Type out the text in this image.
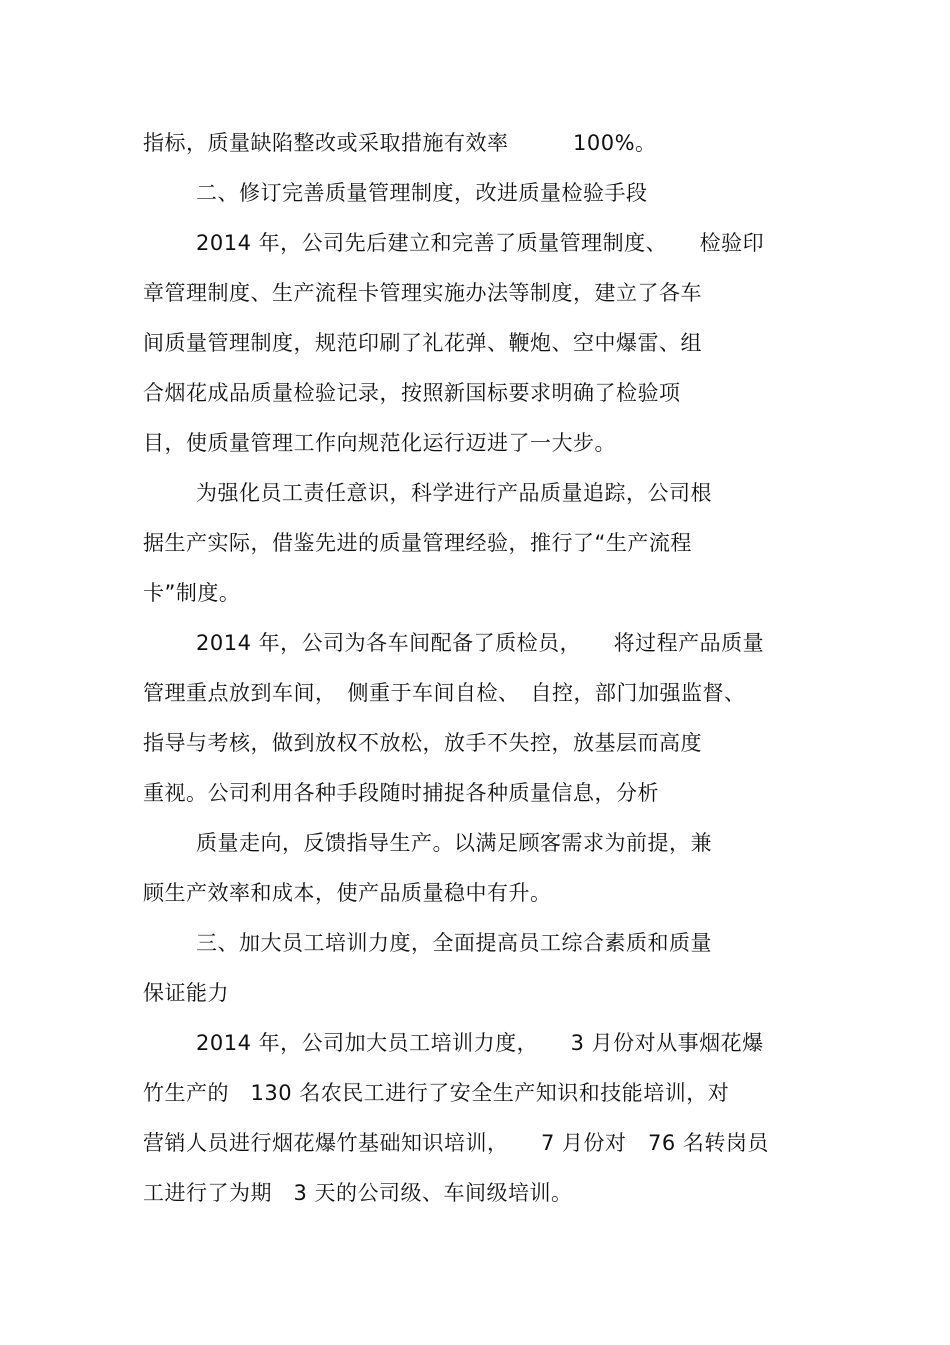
指标，质量缺陷整改或采取措施有效率　　　100%。
二、修订完善质量管理制度，改进质量检验手段
2014 年，公司先后建立和完善了质量管理制度、　　检验印
章管理制度、生产流程卡管理实施办法等制度，建立了各车
间质量管理制度，规范印刷了礼花弹、鞭炮、空中爆雷、组
合烟花成品质量检验记录，按照新国标要求明确了检验项
目，使质量管理工作向规范化运行迈进了一大步。
为强化员工责任意识，科学进行产品质量追踪，公司根
据生产实际，借鉴先进的质量管理经验，推行了“生产流程
卡”制度。
2014 年，公司为各车间配备了质检员，　　将过程产品质量
管理重点放到车间，　侧重于车间自检、　自控，部门加强监督、
指导与考核，做到放权不放松，放手不失控，放基层而高度
重视。公司利用各种手段随时捕捉各种质量信息，分析
质量走向，反馈指导生产。以满足顾客需求为前提，兼
顾生产效率和成本，使产品质量稳中有升。
三、加大员工培训力度，全面提高员工综合素质和质量
保证能力
2014 年，公司加大员工培训力度，　　3 月份对从事烟花爆
竹生产的　130 名农民工进行了安全生产知识和技能培训，对
营销人员进行烟花爆竹基础知识培训，　　7 月份对　76 名转岗员
工进行了为期　3 天的公司级、车间级培训。
